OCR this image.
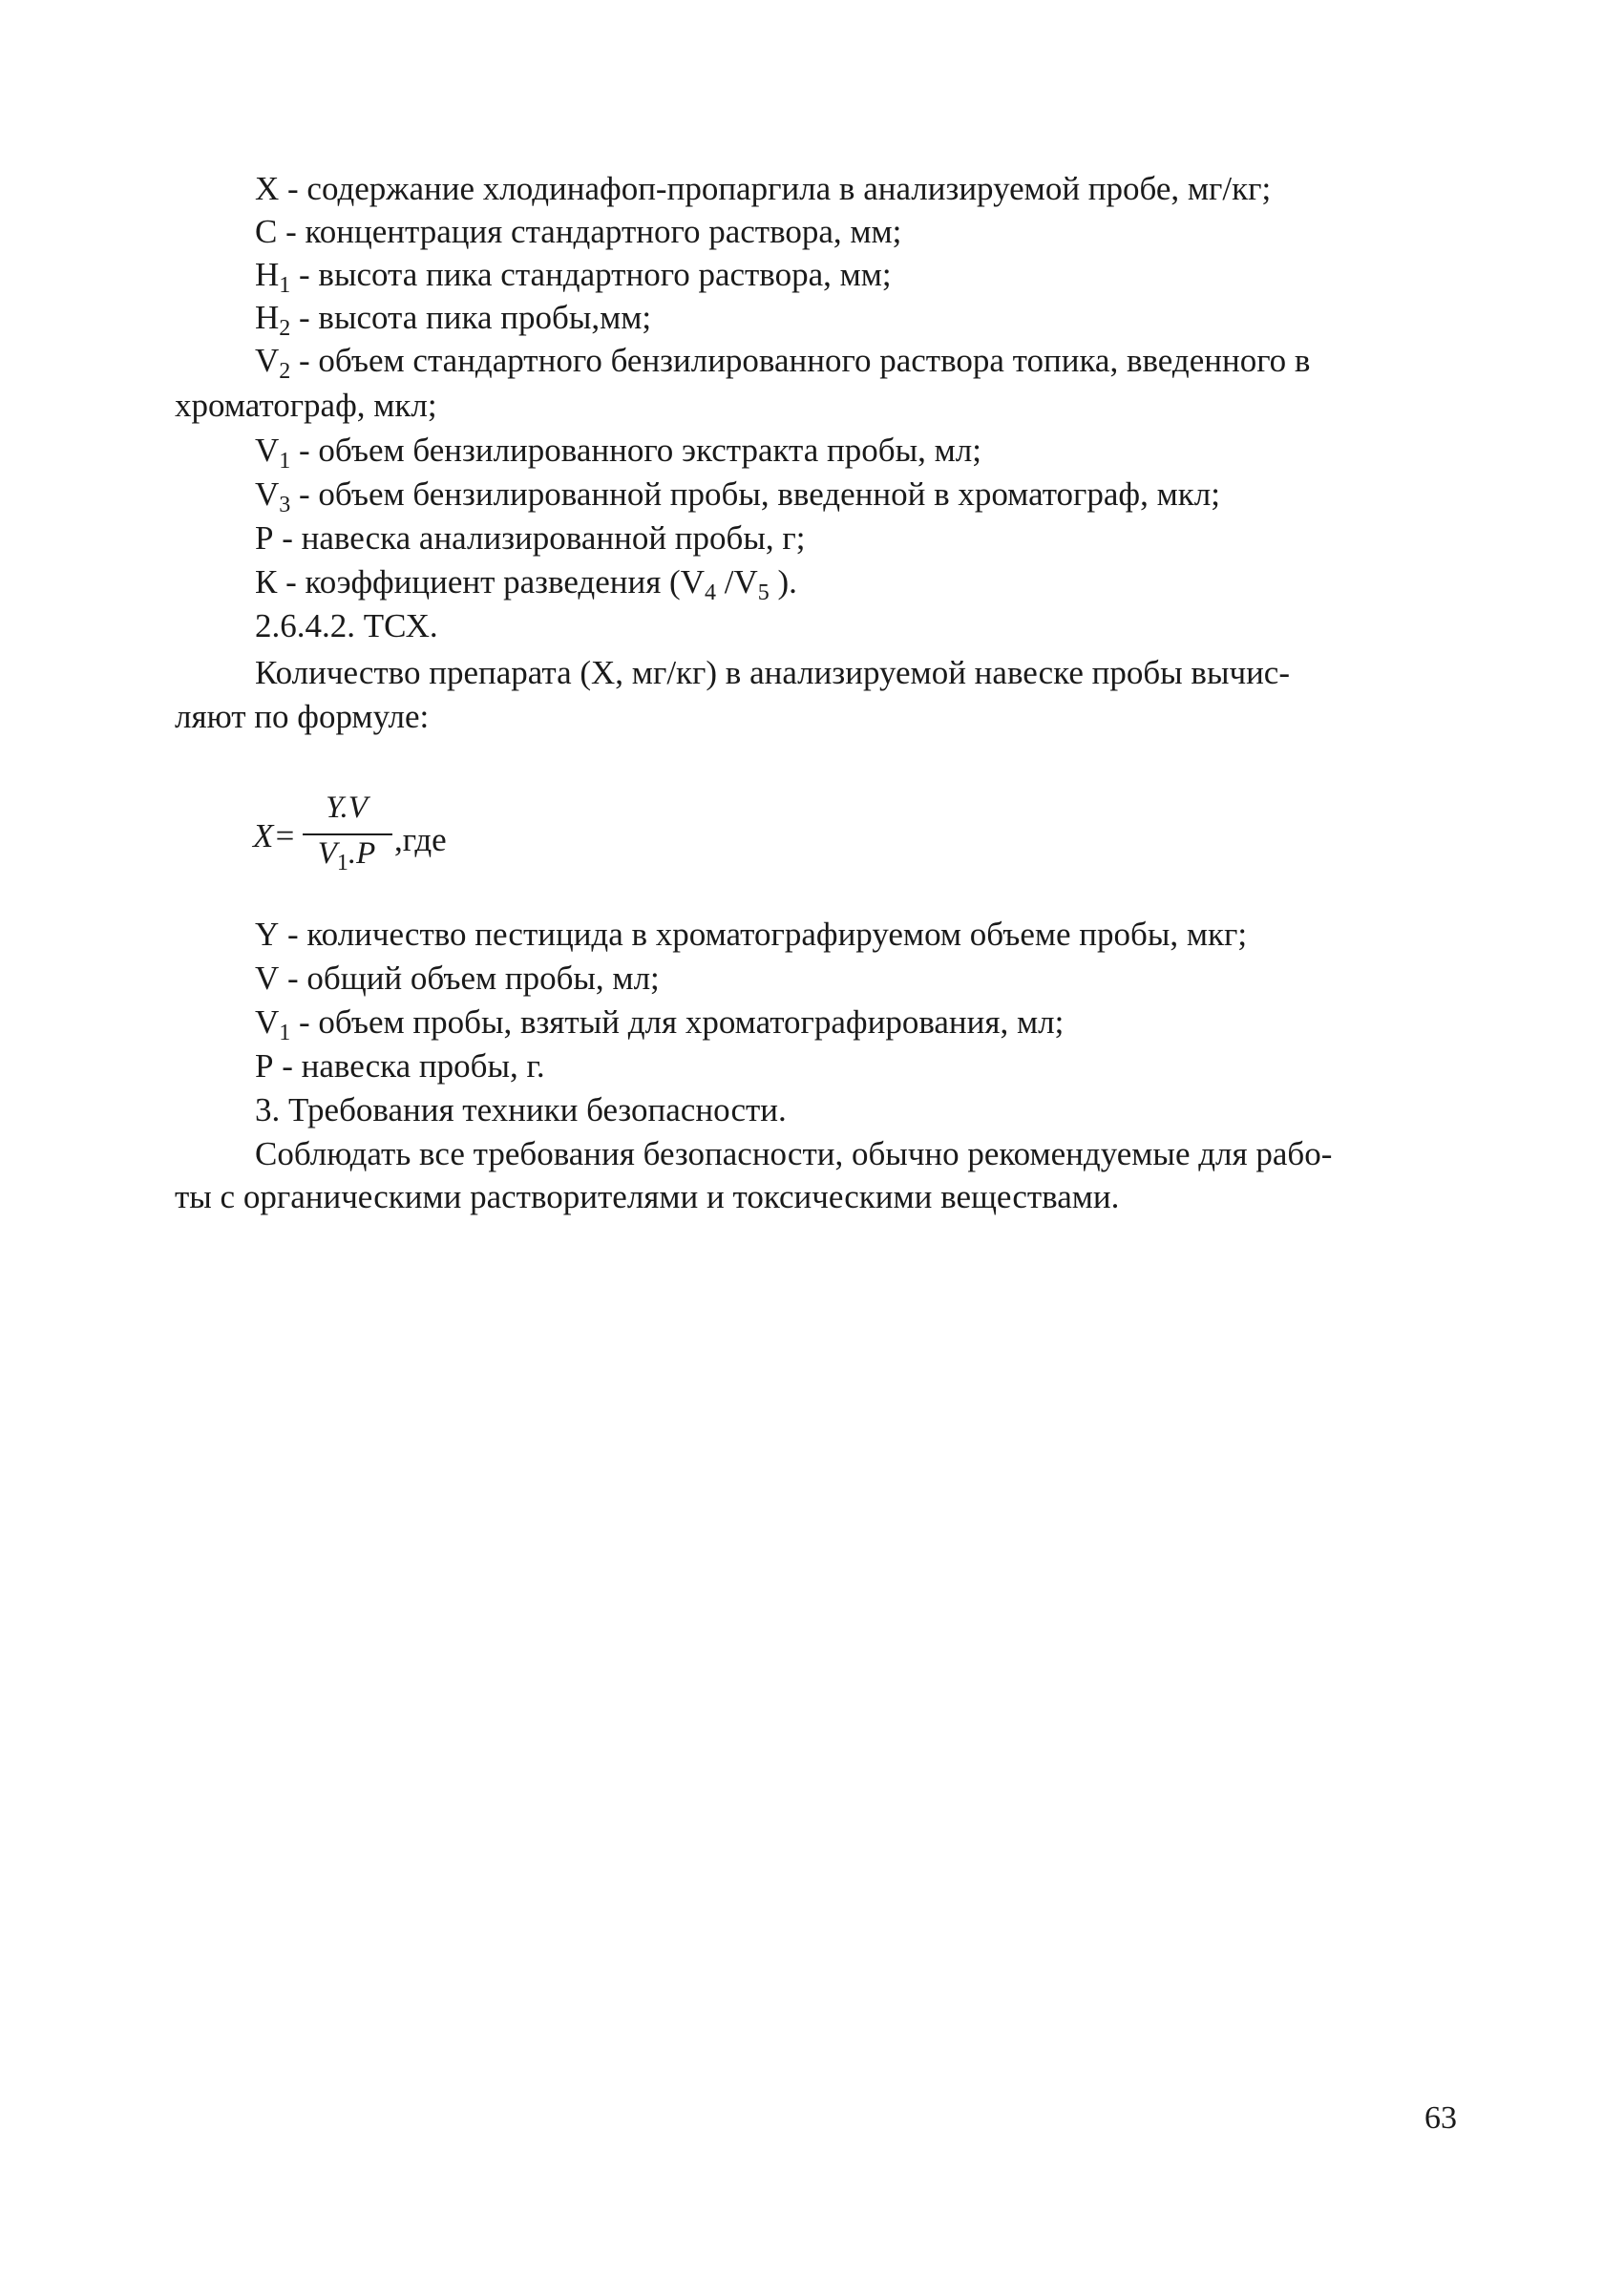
X - содержание хлодинафоп-пропаргила в анализируемой пробе, мг/кг;
С - концентрация стандартного раствора, мм;
$H_1$ - высота пика стандартного раствора, мм;
$H_2$ - высота пика пробы,мм;
$V_2$ - объем стандартного бензилированного раствора топика, введенного в
хроматограф, мкл;
$V_1$ - объем бензилированного экстракта пробы, мл;
$V_3$ - объем бензилированной пробы, введенной в хроматограф, мкл;
Р - навеска анализированной пробы, г;
К - коэффициент разведения ($V_4$ $/V_5$ ).
2.6.4.2. ТСХ.
Количество препарата (X, мг/кг) в анализируемой навеске пробы вычис-
ляют по формуле:
X=
Y.V
$V_1.P$ ,где
Y - количество пестицида в хроматографируемом объеме пробы, мкг;
V - общий объем пробы, мл;
$V_1$ - объем пробы, взятый для хроматографирования, мл;
Р - навеска пробы, г.
3. Требования техники безопасности.
Соблюдать все требования безопасности, обычно рекомендуемые для рабо-
ты с органическими растворителями и токсическими веществами.
63
